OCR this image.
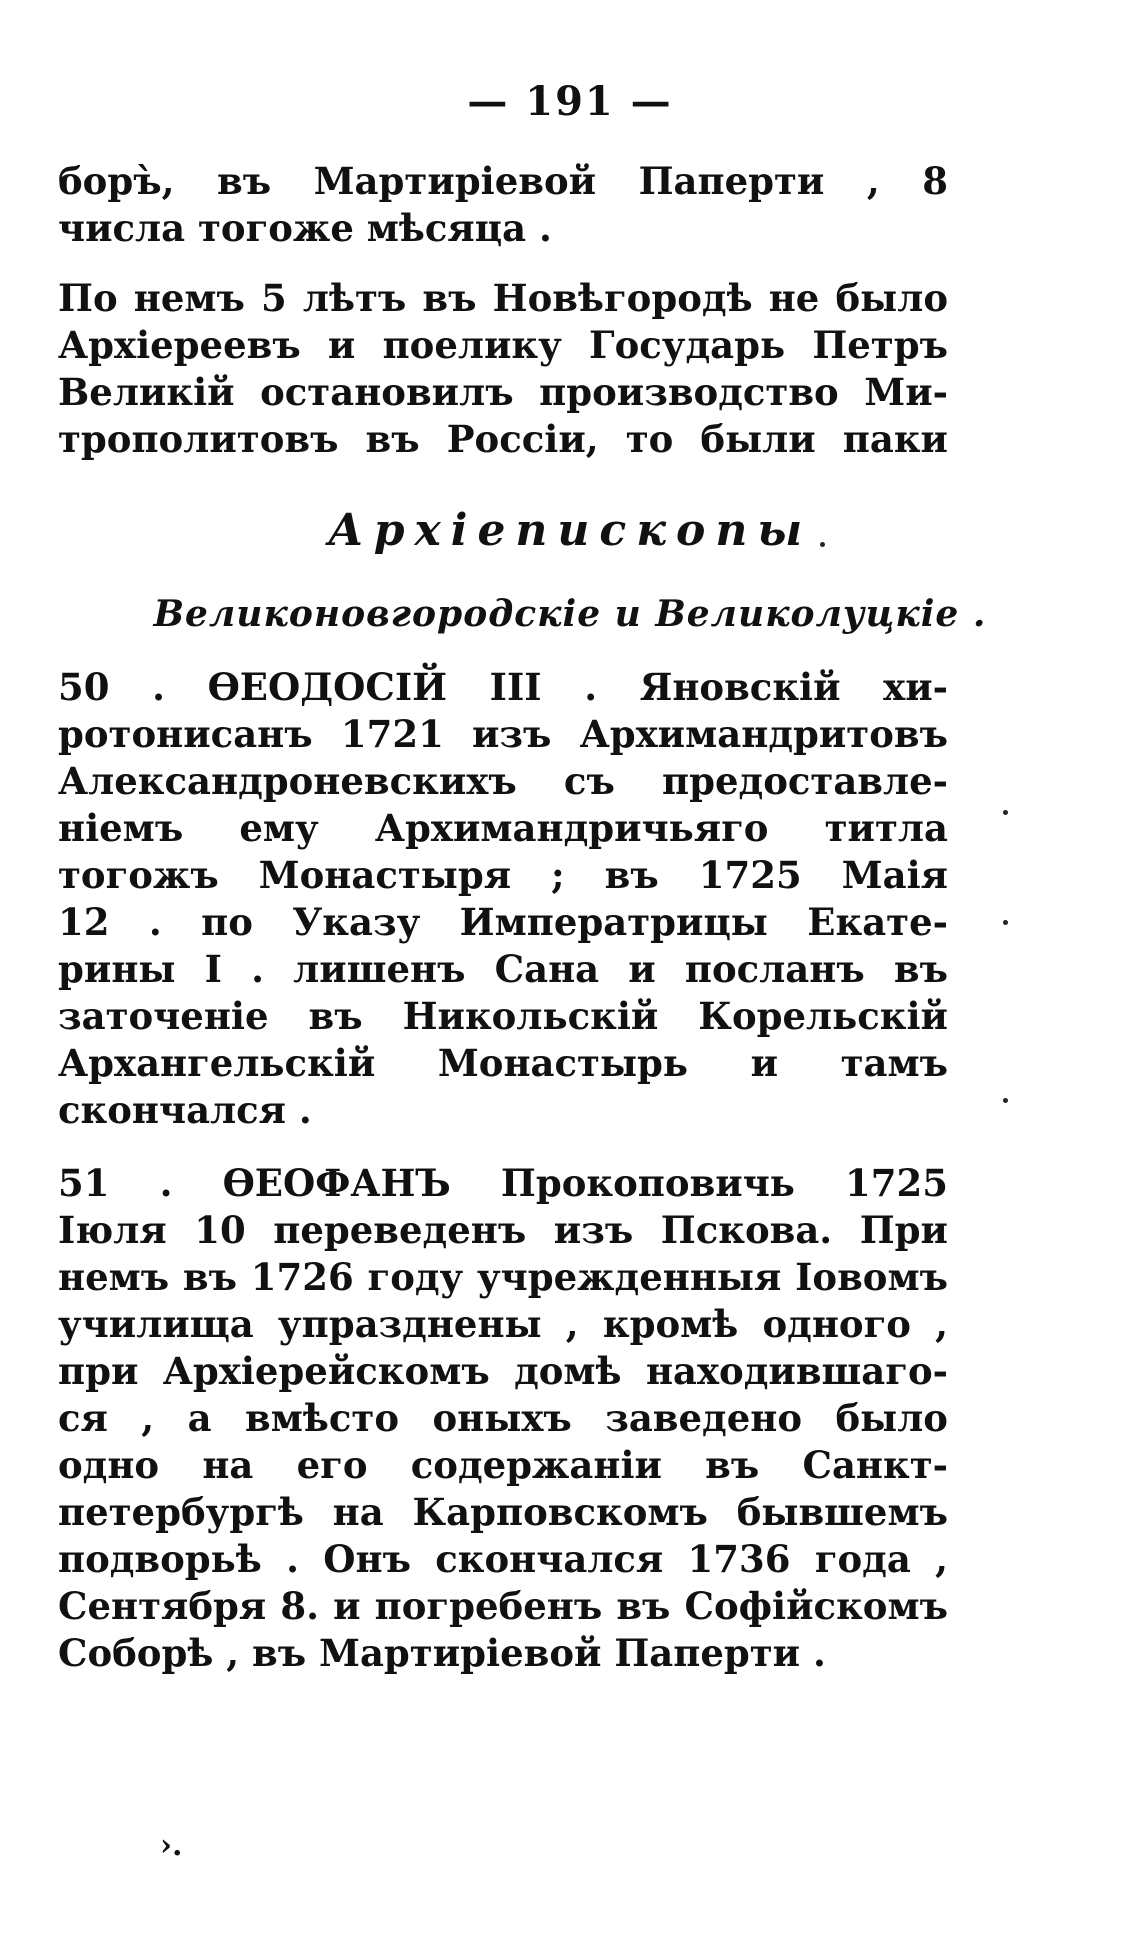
— 191 —
боръ̀, въ Мартиріевой Паперти , 8
числа тогоже мѣсяца .
По немъ 5 лѣтъ въ Новѣгородѣ не было
Архіереевъ и поелику Государь Петръ
Великій остановилъ производство Ми-
трополитовъ въ Россіи, то были паки
Архіепископы
Великоновгородскіе и Великолуцкіе .
50 . ѲЕОДОСІЙ III . Яновскій хи-
ротонисанъ 1721 изъ Архимандритовъ
Александроневскихъ съ предоставле-
ніемъ ему Архимандричьяго титла
тогожъ Монастыря ; въ 1725 Маія
12 . по Указу Императрицы Екате-
рины I . лишенъ Сана и посланъ въ
заточеніе въ Никольскій Корельскій
Архангельскій Монастырь и тамъ
скончался .
51 . ѲЕОФАНЪ Прокоповичь 1725
Іюля 10 переведенъ изъ Пскова. При
немъ въ 1726 году учрежденныя Іовомъ
училища упразднены , кромѣ одного ,
при Архіерейскомъ домѣ находившаго-
ся , а вмѣсто оныхъ заведено было
одно на его содержаніи въ Санкт-
петербургѣ на Карповскомъ бывшемъ
подворьѣ . Онъ скончался 1736 года ,
Сентября 8. и погребенъ въ Софійскомъ
Соборѣ , въ Мартиріевой Паперти .
›.
